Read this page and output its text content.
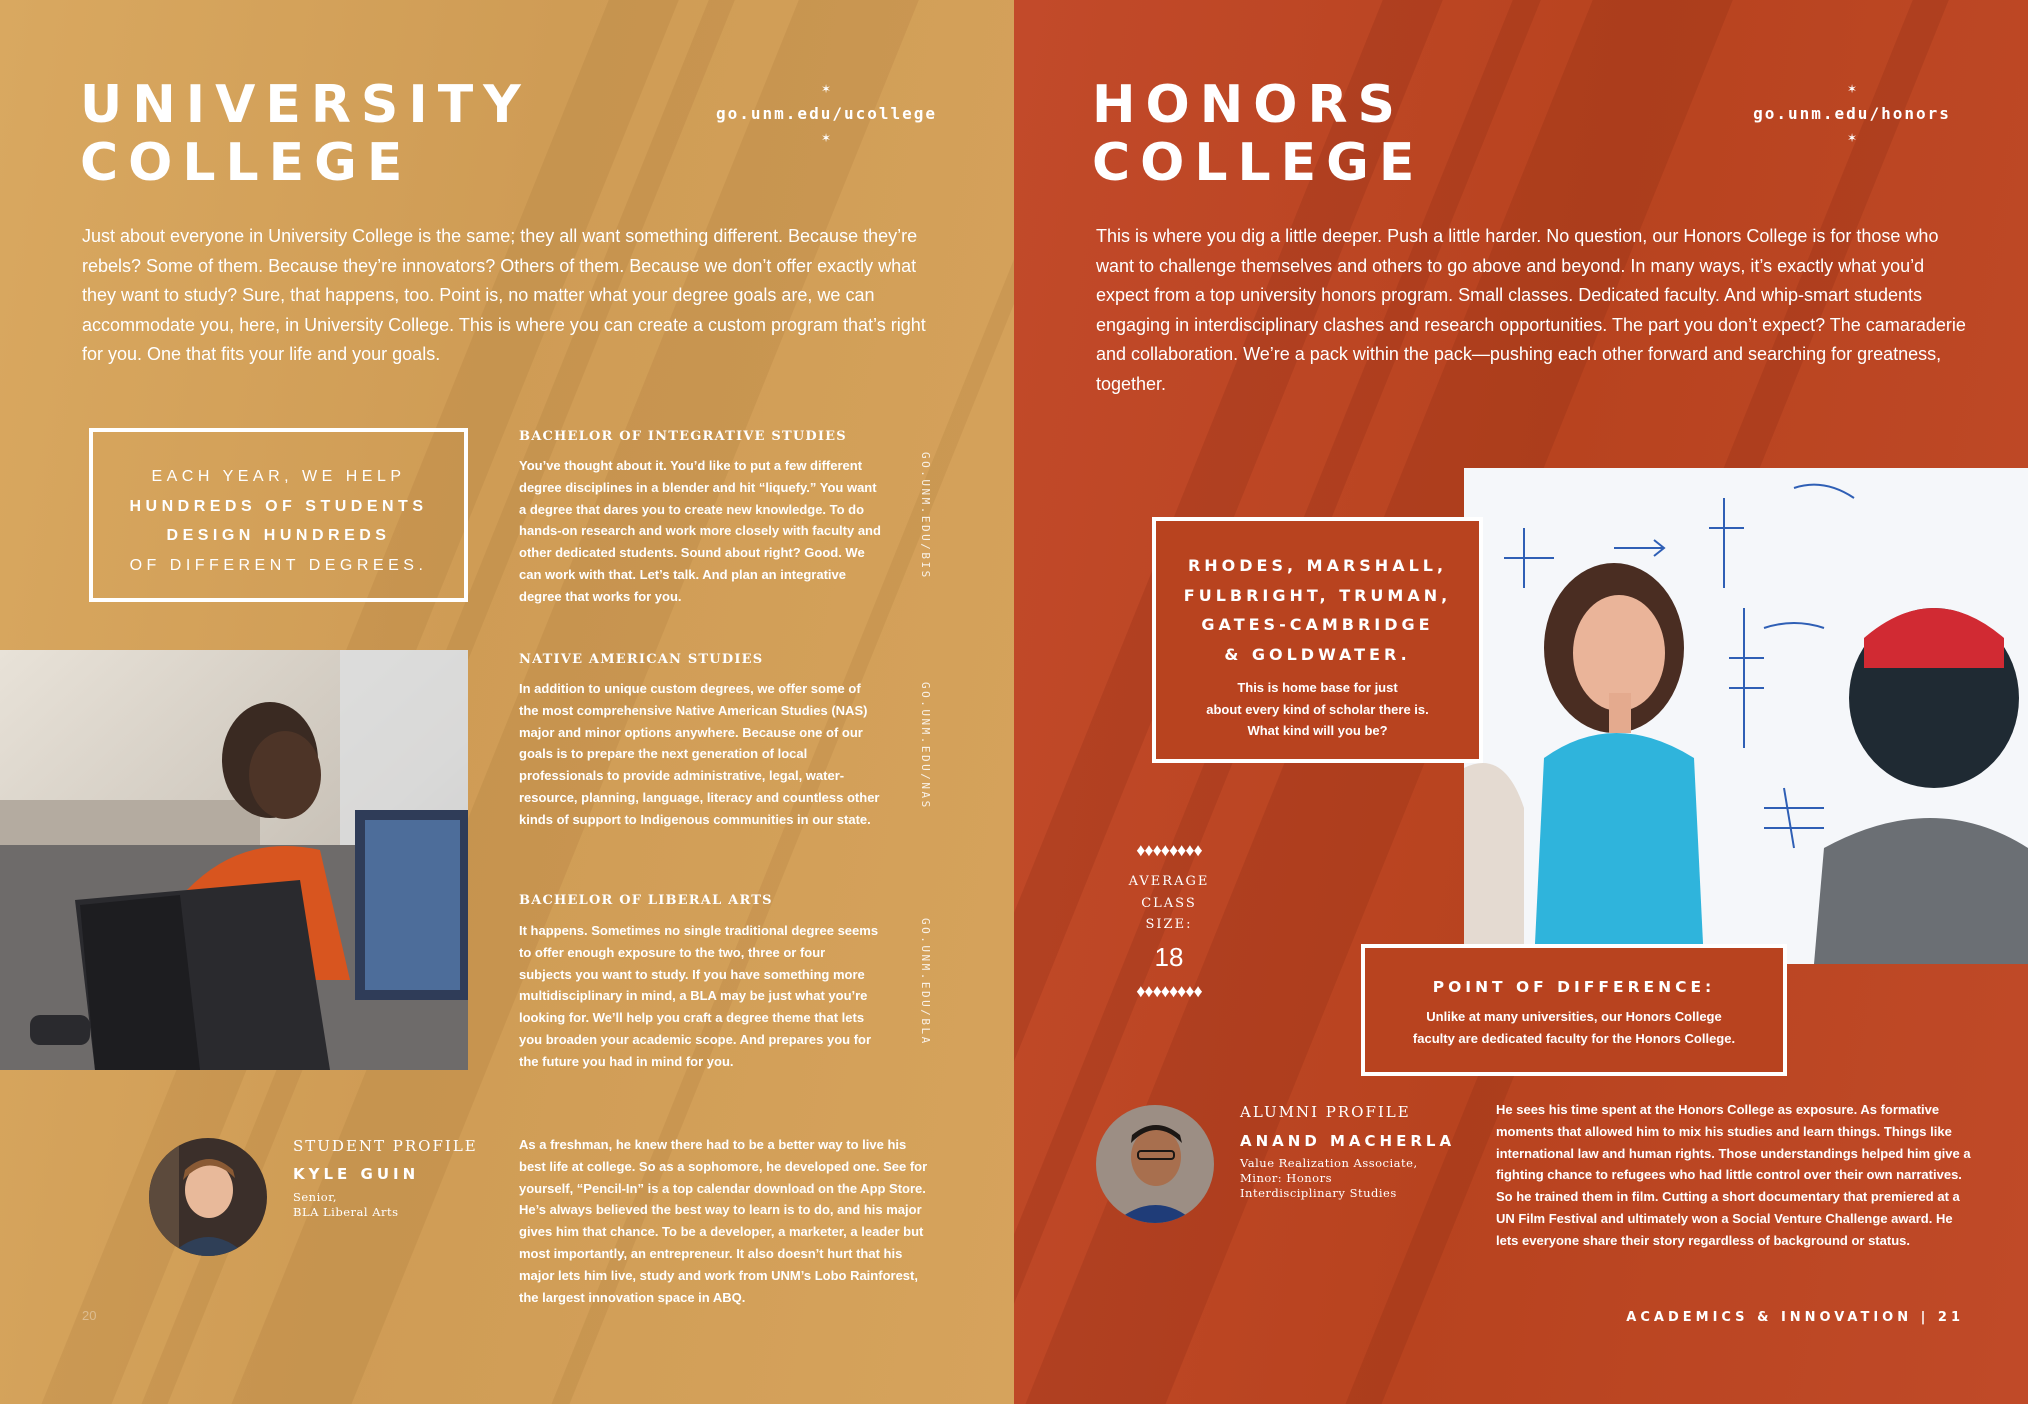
UNIVERSITY
COLLEGE
✶
go.unm.edu/ucollege
✶

Just about everyone in University College is the same; they all want something different. Because they’re rebels? Some of them. Because they’re innovators? Others of them. Because we don’t offer exactly what they want to study? Sure, that happens, too. Point is, no matter what your degree goals are, we can accommodate you, here, in University College. This is where you can create a custom program that’s right for you. One that fits your life and your goals.

EACH YEAR, WE HELP
HUNDREDS OF STUDENTS
DESIGN HUNDREDS
OF DIFFERENT DEGREES.
BACHELOR OF INTEGRATIVE STUDIES

You’ve thought about it. You’d like to put a few different degree disciplines in a blender and hit “liquefy.” You want a degree that dares you to create new knowledge. To do hands-on research and work more closely with faculty and other dedicated students. Sound about right? Good. We can work with that. Let’s talk. And plan an integrative degree that works for you.

GO.UNM.EDU/BIS
NATIVE AMERICAN STUDIES

In addition to unique custom degrees, we offer some of the most comprehensive Native American Studies (NAS) major and minor options anywhere. Because one of our goals is to prepare the next generation of local professionals to provide administrative, legal, water-resource, planning, language, literacy and countless other kinds of support to Indigenous communities in our state.

GO.UNM.EDU/NAS
BACHELOR OF LIBERAL ARTS

It happens. Sometimes no single traditional degree seems to offer enough exposure to the two, three or four subjects you want to study. If you have something more multidisciplinary in mind, a BLA may be just what you’re looking for. We’ll help you craft a degree theme that lets you broaden your academic scope. And prepares you for the future you had in mind for you.

GO.UNM.EDU/BLA
STUDENT PROFILE
KYLE GUIN
Senior,
BLA Liberal Arts

As a freshman, he knew there had to be a better way to live his best life at college. So as a sophomore, he developed one. See for yourself, “Pencil-In” is a top calendar download on the App Store. He’s always believed the best way to learn is to do, and his major gives him that chance. To be a developer, a marketer, a leader but most importantly, an entrepreneur. It also doesn’t hurt that his major lets him live, study and work from UNM’s Lobo Rainforest, the largest innovation space in ABQ.

20
HONORS
COLLEGE
✶
go.unm.edu/honors
✶

This is where you dig a little deeper. Push a little harder. No question, our Honors College is for those who want to challenge themselves and others to go above and beyond. In many ways, it’s exactly what you’d expect from a top university honors program. Small classes. Dedicated faculty. And whip-smart students engaging in interdisciplinary clashes and research opportunities. The part you don’t expect? The camaraderie and collaboration. We’re a pack within the pack—pushing each other forward and searching for greatness, together.

RHODES, MARSHALL,
FULBRIGHT, TRUMAN,
GATES-CAMBRIDGE
& GOLDWATER.
This is home base for just
about every kind of scholar there is.
What kind will you be?
♦♦♦♦♦♦♦♦
AVERAGE
CLASS SIZE:
18
♦♦♦♦♦♦♦♦	POINT OF DIFFERENCE:
Unlike at many universities, our Honors College
faculty are dedicated faculty for the Honors College.
ALUMNI PROFILE
ANAND MACHERLA
Value Realization Associate,
Minor: Honors
Interdisciplinary Studies

He sees his time spent at the Honors College as exposure. As formative moments that allowed him to mix his studies and learn things. Things like international law and human rights. Those understandings helped him give a fighting chance to refugees who had little control over their own narratives. So he trained them in film. Cutting a short documentary that premiered at a UN Film Festival and ultimately won a Social Venture Challenge award. He lets everyone share their story regardless of background or status.

ACADEMICS & INNOVATION | 21
